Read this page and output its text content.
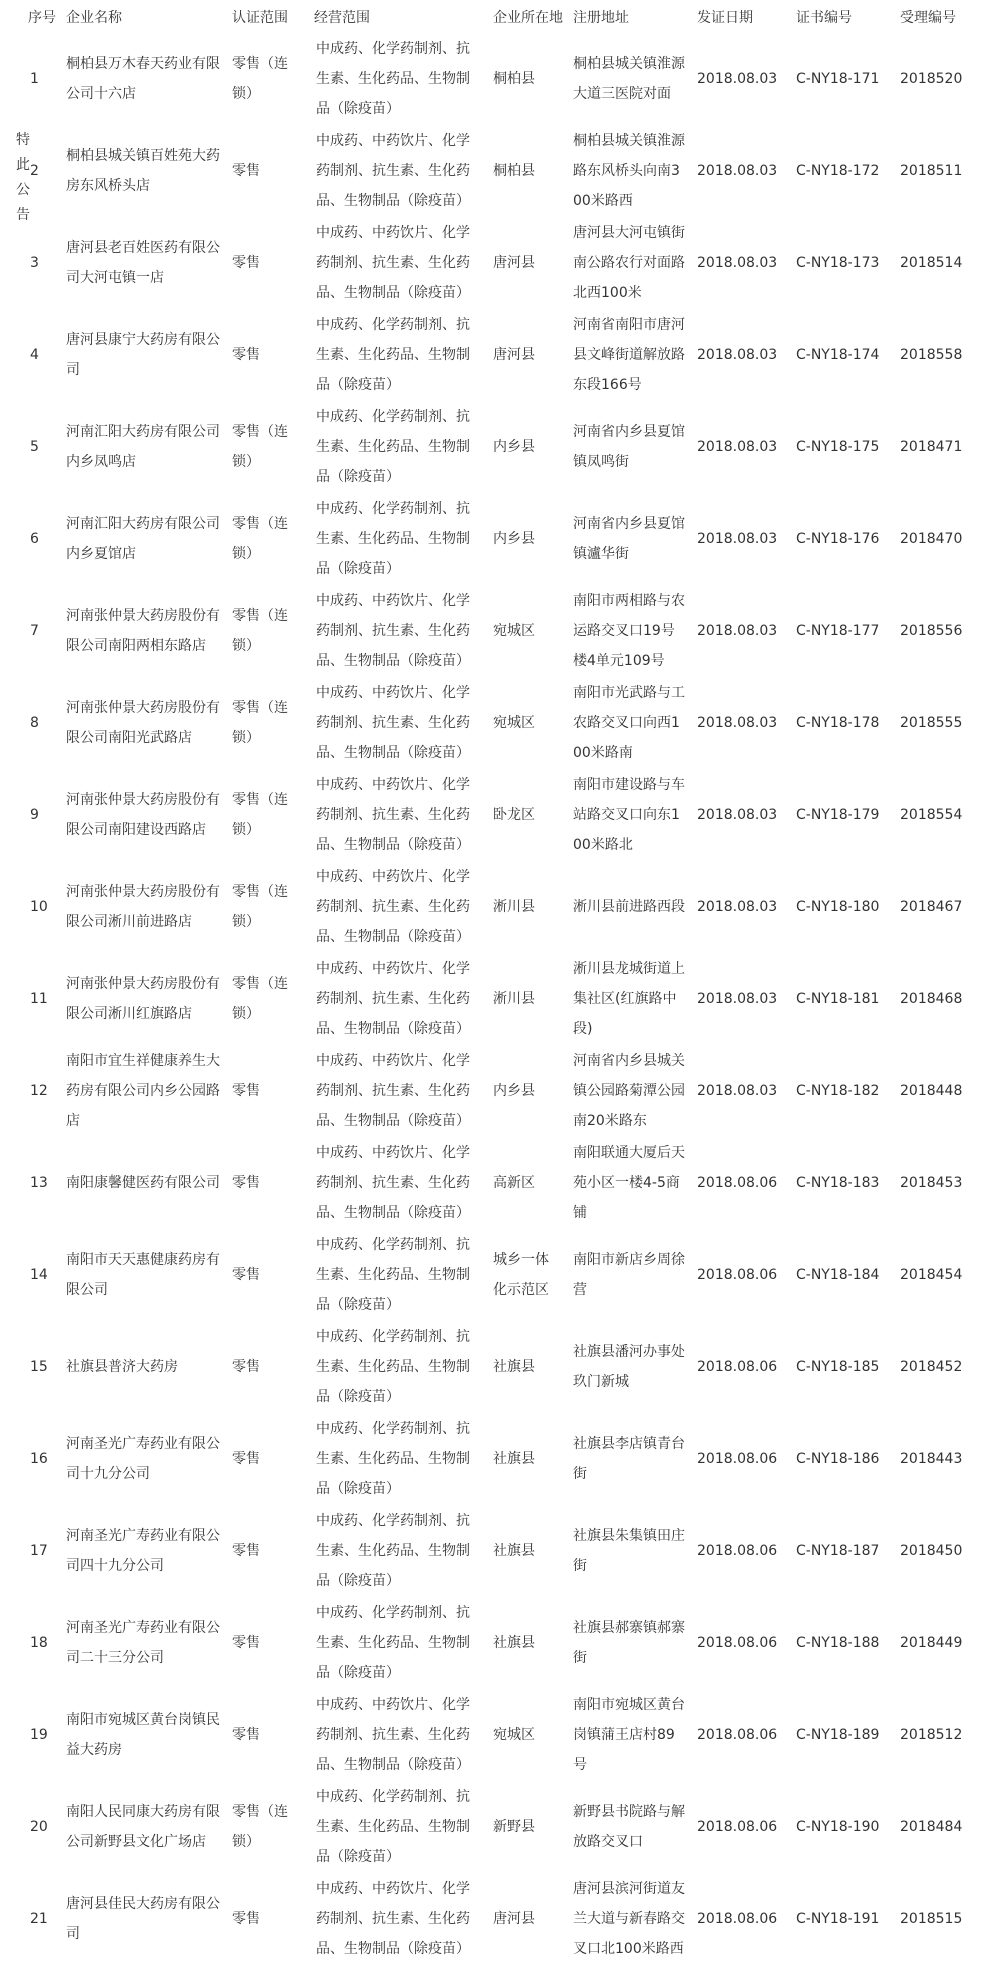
特
此
公
告
序号	企业名称	认证范围	经营范围	企业所在地	注册地址	发证日期	证书编号	受理编号
1	桐柏县万木春天药业有限公司十六店	零售（连锁）	中成药、化学药制剂、抗生素、生化药品、生物制品（除疫苗）	桐柏县	桐柏县城关镇淮源大道三医院对面	2018.08.03	C-NY18-171	2018520
2	桐柏县城关镇百姓苑大药房东风桥头店	零售	中成药、中药饮片、化学药制剂、抗生素、生化药品、生物制品（除疫苗）	桐柏县	桐柏县城关镇淮源路东风桥头向南300米路西	2018.08.03	C-NY18-172	2018511
3	唐河县老百姓医药有限公司大河屯镇一店	零售	中成药、中药饮片、化学药制剂、抗生素、生化药品、生物制品（除疫苗）	唐河县	唐河县大河屯镇街南公路农行对面路北西100米	2018.08.03	C-NY18-173	2018514
4	唐河县康宁大药房有限公司	零售	中成药、化学药制剂、抗生素、生化药品、生物制品（除疫苗）	唐河县	河南省南阳市唐河县文峰街道解放路东段166号	2018.08.03	C-NY18-174	2018558
5	河南汇阳大药房有限公司内乡凤鸣店	零售（连锁）	中成药、化学药制剂、抗生素、生化药品、生物制品（除疫苗）	内乡县	河南省内乡县夏馆镇凤鸣街	2018.08.03	C-NY18-175	2018471
6	河南汇阳大药房有限公司内乡夏馆店	零售（连锁）	中成药、化学药制剂、抗生素、生化药品、生物制品（除疫苗）	内乡县	河南省内乡县夏馆镇瀘华街	2018.08.03	C-NY18-176	2018470
7	河南张仲景大药房股份有限公司南阳两相东路店	零售（连锁）	中成药、中药饮片、化学药制剂、抗生素、生化药品、生物制品（除疫苗）	宛城区	南阳市两相路与农运路交叉口19号楼4单元109号	2018.08.03	C-NY18-177	2018556
8	河南张仲景大药房股份有限公司南阳光武路店	零售（连锁）	中成药、中药饮片、化学药制剂、抗生素、生化药品、生物制品（除疫苗）	宛城区	南阳市光武路与工农路交叉口向西100米路南	2018.08.03	C-NY18-178	2018555
9	河南张仲景大药房股份有限公司南阳建设西路店	零售（连锁）	中成药、中药饮片、化学药制剂、抗生素、生化药品、生物制品（除疫苗）	卧龙区	南阳市建设路与车站路交叉口向东100米路北	2018.08.03	C-NY18-179	2018554
10	河南张仲景大药房股份有限公司淅川前进路店	零售（连锁）	中成药、中药饮片、化学药制剂、抗生素、生化药品、生物制品（除疫苗）	淅川县	淅川县前进路西段	2018.08.03	C-NY18-180	2018467
11	河南张仲景大药房股份有限公司淅川红旗路店	零售（连锁）	中成药、中药饮片、化学药制剂、抗生素、生化药品、生物制品（除疫苗）	淅川县	淅川县龙城街道上集社区(红旗路中段)	2018.08.03	C-NY18-181	2018468
12	南阳市宜生祥健康养生大药房有限公司内乡公园路店	零售	中成药、中药饮片、化学药制剂、抗生素、生化药品、生物制品（除疫苗）	内乡县	河南省内乡县城关镇公园路菊潭公园南20米路东	2018.08.03	C-NY18-182	2018448
13	南阳康馨健医药有限公司	零售	中成药、中药饮片、化学药制剂、抗生素、生化药品、生物制品（除疫苗）	高新区	南阳联通大厦后天苑小区一楼4-5商铺	2018.08.06	C-NY18-183	2018453
14	南阳市天天惠健康药房有限公司	零售	中成药、化学药制剂、抗生素、生化药品、生物制品（除疫苗）	城乡一体化示范区	南阳市新店乡周徐营	2018.08.06	C-NY18-184	2018454
15	社旗县普济大药房	零售	中成药、化学药制剂、抗生素、生化药品、生物制品（除疫苗）	社旗县	社旗县潘河办事处玖门新城	2018.08.06	C-NY18-185	2018452
16	河南圣光广寿药业有限公司十九分公司	零售	中成药、化学药制剂、抗生素、生化药品、生物制品（除疫苗）	社旗县	社旗县李店镇青台街	2018.08.06	C-NY18-186	2018443
17	河南圣光广寿药业有限公司四十九分公司	零售	中成药、化学药制剂、抗生素、生化药品、生物制品（除疫苗）	社旗县	社旗县朱集镇田庄街	2018.08.06	C-NY18-187	2018450
18	河南圣光广寿药业有限公司二十三分公司	零售	中成药、化学药制剂、抗生素、生化药品、生物制品（除疫苗）	社旗县	社旗县郝寨镇郝寨街	2018.08.06	C-NY18-188	2018449
19	南阳市宛城区黄台岗镇民益大药房	零售	中成药、中药饮片、化学药制剂、抗生素、生化药品、生物制品（除疫苗）	宛城区	南阳市宛城区黄台岗镇蒲王店村89号	2018.08.06	C-NY18-189	2018512
20	南阳人民同康大药房有限公司新野县文化广场店	零售（连锁）	中成药、化学药制剂、抗生素、生化药品、生物制品（除疫苗）	新野县	新野县书院路与解放路交叉口	2018.08.06	C-NY18-190	2018484
21	唐河县佳民大药房有限公司	零售	中成药、中药饮片、化学药制剂、抗生素、生化药品、生物制品（除疫苗）	唐河县	唐河县滨河街道友兰大道与新春路交叉口北100米路西	2018.08.06	C-NY18-191	2018515
